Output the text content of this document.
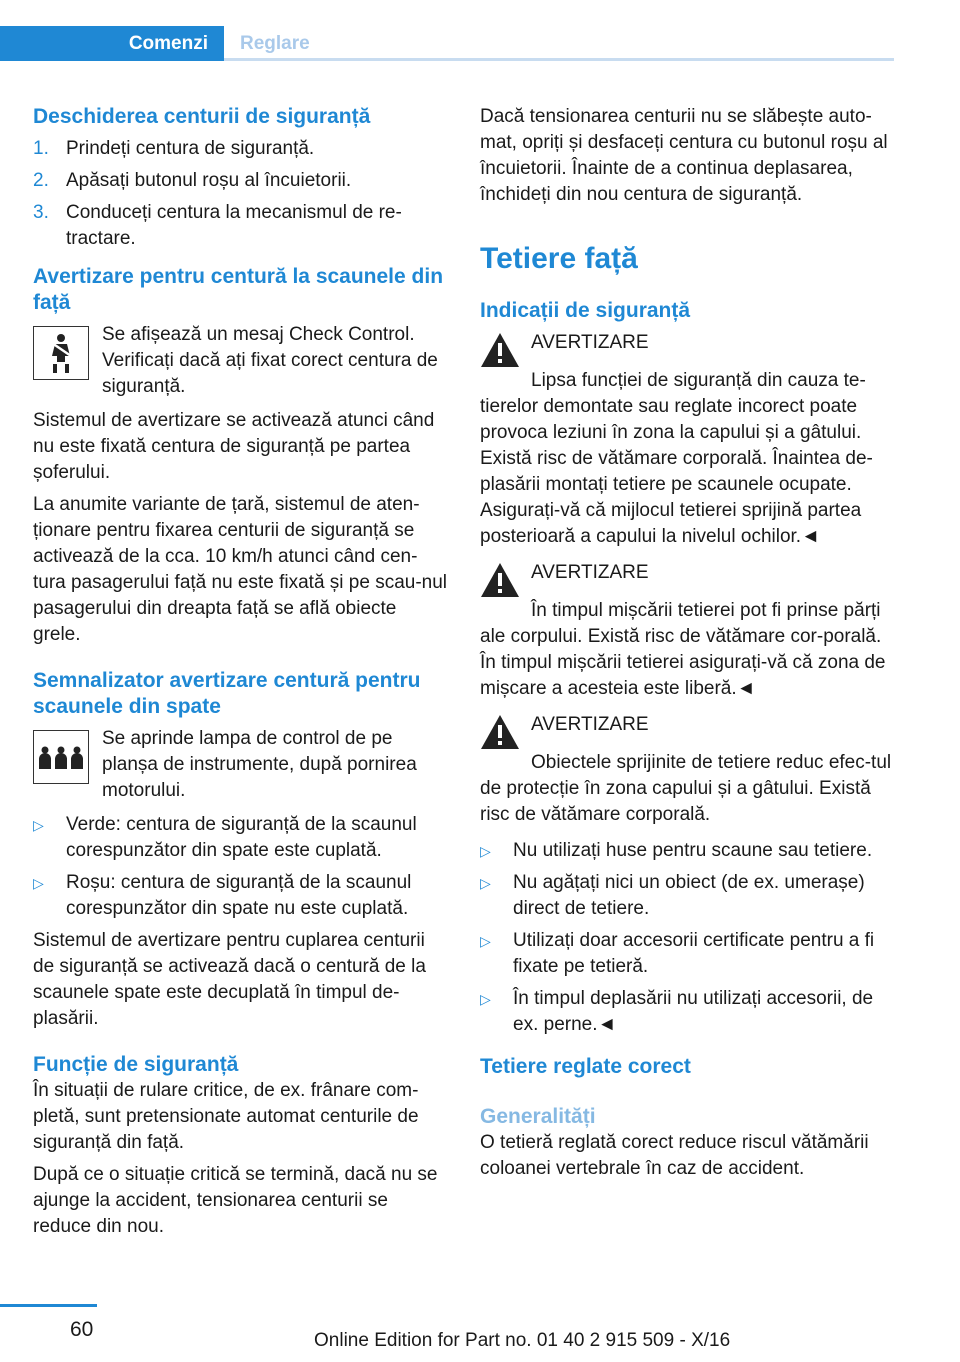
Comenzi Reglare
Deschiderea centurii de siguranță
1. Prindeți centura de siguranță.
2. Apăsați butonul roșu al încuietorii.
3. Conduceți centura la mecanismul de re‐tractare.
Avertizare pentru centură la scaunele din față
Se afișează un mesaj Check Control. Verificați dacă ați fixat corect centura de siguranță.

Sistemul de avertizare se activează atunci când nu este fixată centura de siguranță pe partea șoferului.

La anumite variante de țară, sistemul de aten‐ționare pentru fixarea centurii de siguranță se activează de la cca. 10 km/h atunci când cen‐tura pasagerului față nu este fixată și pe scau‐nul pasagerului din dreapta față se află obiecte grele.

Semnalizator avertizare centură pentru scaunele din spate
Se aprinde lampa de control de pe planșa de instrumente, după pornirea motorului.
▷	Verde: centura de siguranță de la scaunul corespunzător din spate este cuplată.
▷	Roșu: centura de siguranță de la scaunul corespunzător din spate nu este cuplată.

Sistemul de avertizare pentru cuplarea centurii de siguranță se activează dacă o centură de la scaunele spate este decuplată în timpul de‐plasării.

Funcție de siguranță

În situații de rulare critice, de ex. frânare com‐pletă, sunt pretensionate automat centurile de siguranță din față.

După ce o situație critică se termină, dacă nu se ajunge la accident, tensionarea centurii se reduce din nou.

Dacă tensionarea centurii nu se slăbește auto‐mat, opriți și desfaceți centura cu butonul roșu al încuietorii. Înainte de a continua deplasarea, închideți din nou centura de siguranță.

Tetiere față
Indicații de siguranță
AVERTIZARE
Lipsa funcției de siguranță din cauza te‐tierelor demontate sau reglate incorect poate provoca leziuni în zona la capului și a gâtului. Există risc de vătămare corporală. Înaintea de‐plasării montați tetiere pe scaunele ocupate. Asigurați-vă că mijlocul tetierei sprijină partea posterioară a capului la nivelul ochilor.◄
AVERTIZARE
În timpul mișcării tetierei pot fi prinse părți ale corpului. Există risc de vătămare cor‐porală. În timpul mișcării tetierei asigurați-vă că zona de mișcare a acesteia este liberă.◄
AVERTIZARE
Obiectele sprijinite de tetiere reduc efec‐tul de protecție în zona capului și a gâtului. Există risc de vătămare corporală.
▷	Nu utilizați huse pentru scaune sau tetiere.
▷	Nu agățați nici un obiect (de ex. umerașe) direct de tetiere.
▷	Utilizați doar accesorii certificate pentru a fi fixate pe tetieră.
▷	În timpul deplasării nu utilizați accesorii, de ex. perne.◄
Tetiere reglate corect
Generalități

O tetieră reglată corect reduce riscul vătămării coloanei vertebrale în caz de accident.

60	Online Edition for Part no. 01 40 2 915 509 - X/16
